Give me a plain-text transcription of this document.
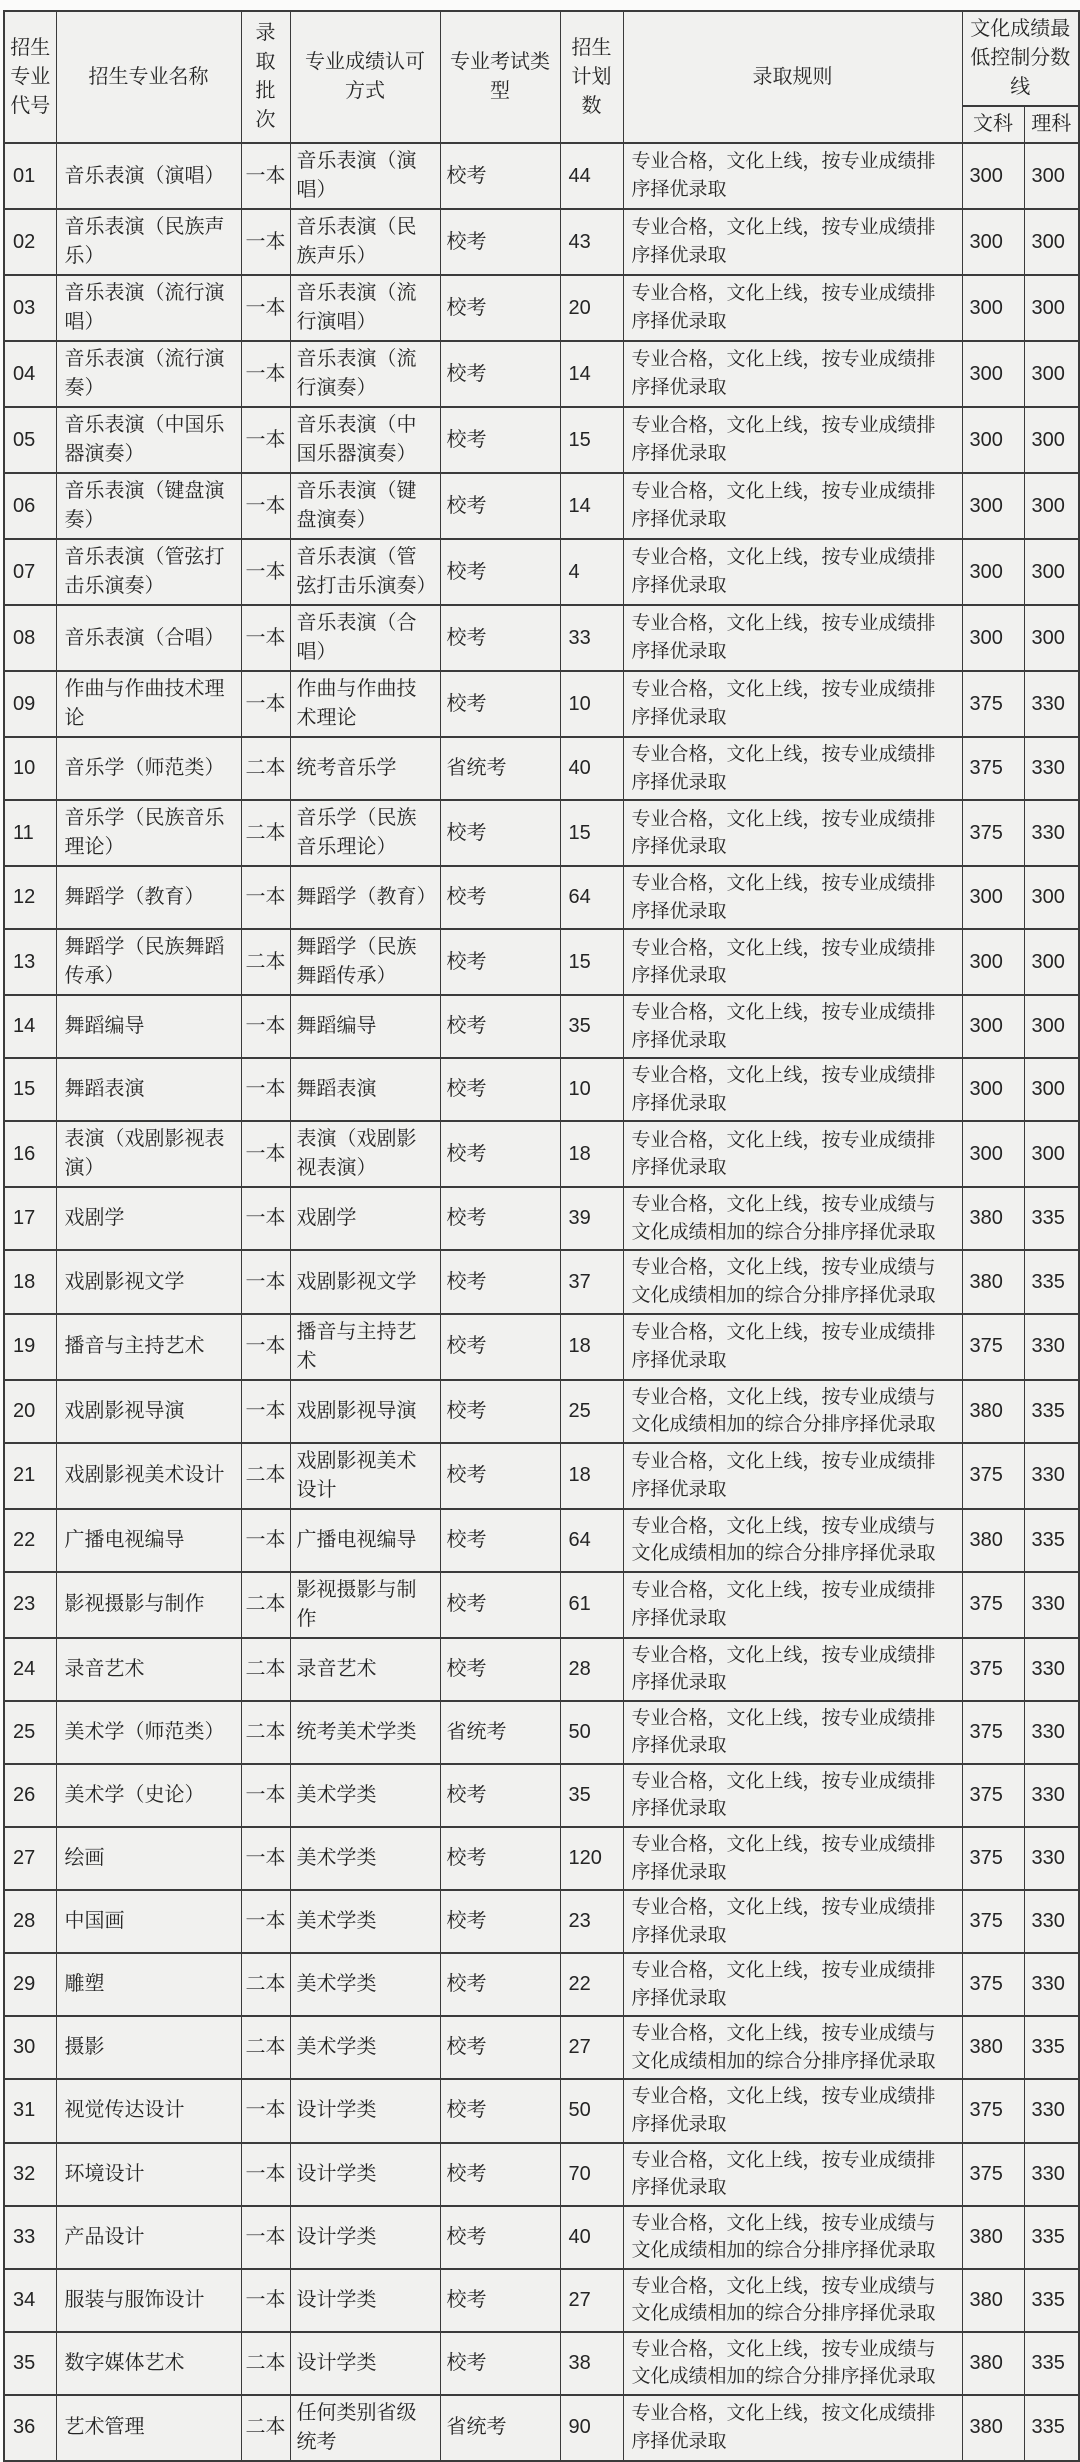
招生专业代号	招生专业名称	录取批次	专业成绩认可方式	专业考试类型	招生计划数	录取规则	文化成绩最低控制分数线	
							文科	理科
01	音乐表演（演唱）	一本	音乐表演（演唱）	校考	44	专业合格，文化上线，按专业成绩排序择优录取	300	300
02	音乐表演（民族声乐）	一本	音乐表演（民族声乐）	校考	43	专业合格，文化上线，按专业成绩排序择优录取	300	300
03	音乐表演（流行演唱）	一本	音乐表演（流行演唱）	校考	20	专业合格，文化上线，按专业成绩排序择优录取	300	300
04	音乐表演（流行演奏）	一本	音乐表演（流行演奏）	校考	14	专业合格，文化上线，按专业成绩排序择优录取	300	300
05	音乐表演（中国乐器演奏）	一本	音乐表演（中国乐器演奏）	校考	15	专业合格，文化上线，按专业成绩排序择优录取	300	300
06	音乐表演（键盘演奏）	一本	音乐表演（键盘演奏）	校考	14	专业合格，文化上线，按专业成绩排序择优录取	300	300
07	音乐表演（管弦打击乐演奏）	一本	音乐表演（管弦打击乐演奏）	校考	4	专业合格，文化上线，按专业成绩排序择优录取	300	300
08	音乐表演（合唱）	一本	音乐表演（合唱）	校考	33	专业合格，文化上线，按专业成绩排序择优录取	300	300
09	作曲与作曲技术理论	一本	作曲与作曲技术理论	校考	10	专业合格，文化上线，按专业成绩排序择优录取	375	330
10	音乐学（师范类）	二本	统考音乐学	省统考	40	专业合格，文化上线，按专业成绩排序择优录取	375	330
11	音乐学（民族音乐理论）	二本	音乐学（民族音乐理论）	校考	15	专业合格，文化上线，按专业成绩排序择优录取	375	330
12	舞蹈学（教育）	一本	舞蹈学（教育）	校考	64	专业合格，文化上线，按专业成绩排序择优录取	300	300
13	舞蹈学（民族舞蹈传承）	二本	舞蹈学（民族舞蹈传承）	校考	15	专业合格，文化上线，按专业成绩排序择优录取	300	300
14	舞蹈编导	一本	舞蹈编导	校考	35	专业合格，文化上线，按专业成绩排序择优录取	300	300
15	舞蹈表演	一本	舞蹈表演	校考	10	专业合格，文化上线，按专业成绩排序择优录取	300	300
16	表演（戏剧影视表演）	一本	表演（戏剧影视表演）	校考	18	专业合格，文化上线，按专业成绩排序择优录取	300	300
17	戏剧学	一本	戏剧学	校考	39	专业合格，文化上线，按专业成绩与文化成绩相加的综合分排序择优录取	380	335
18	戏剧影视文学	一本	戏剧影视文学	校考	37	专业合格，文化上线，按专业成绩与文化成绩相加的综合分排序择优录取	380	335
19	播音与主持艺术	一本	播音与主持艺术	校考	18	专业合格，文化上线，按专业成绩排序择优录取	375	330
20	戏剧影视导演	一本	戏剧影视导演	校考	25	专业合格，文化上线，按专业成绩与文化成绩相加的综合分排序择优录取	380	335
21	戏剧影视美术设计	二本	戏剧影视美术设计	校考	18	专业合格，文化上线，按专业成绩排序择优录取	375	330
22	广播电视编导	一本	广播电视编导	校考	64	专业合格，文化上线，按专业成绩与文化成绩相加的综合分排序择优录取	380	335
23	影视摄影与制作	二本	影视摄影与制作	校考	61	专业合格，文化上线，按专业成绩排序择优录取	375	330
24	录音艺术	二本	录音艺术	校考	28	专业合格，文化上线，按专业成绩排序择优录取	375	330
25	美术学（师范类）	二本	统考美术学类	省统考	50	专业合格，文化上线，按专业成绩排序择优录取	375	330
26	美术学（史论）	一本	美术学类	校考	35	专业合格，文化上线，按专业成绩排序择优录取	375	330
27	绘画	一本	美术学类	校考	120	专业合格，文化上线，按专业成绩排序择优录取	375	330
28	中国画	一本	美术学类	校考	23	专业合格，文化上线，按专业成绩排序择优录取	375	330
29	雕塑	二本	美术学类	校考	22	专业合格，文化上线，按专业成绩排序择优录取	375	330
30	摄影	二本	美术学类	校考	27	专业合格，文化上线，按专业成绩与文化成绩相加的综合分排序择优录取	380	335
31	视觉传达设计	一本	设计学类	校考	50	专业合格，文化上线，按专业成绩排序择优录取	375	330
32	环境设计	一本	设计学类	校考	70	专业合格，文化上线，按专业成绩排序择优录取	375	330
33	产品设计	一本	设计学类	校考	40	专业合格，文化上线，按专业成绩与文化成绩相加的综合分排序择优录取	380	335
34	服装与服饰设计	一本	设计学类	校考	27	专业合格，文化上线，按专业成绩与文化成绩相加的综合分排序择优录取	380	335
35	数字媒体艺术	二本	设计学类	校考	38	专业合格，文化上线，按专业成绩与文化成绩相加的综合分排序择优录取	380	335
36	艺术管理	二本	任何类别省级统考	省统考	90	专业合格，文化上线，按文化成绩排序择优录取	380	335
